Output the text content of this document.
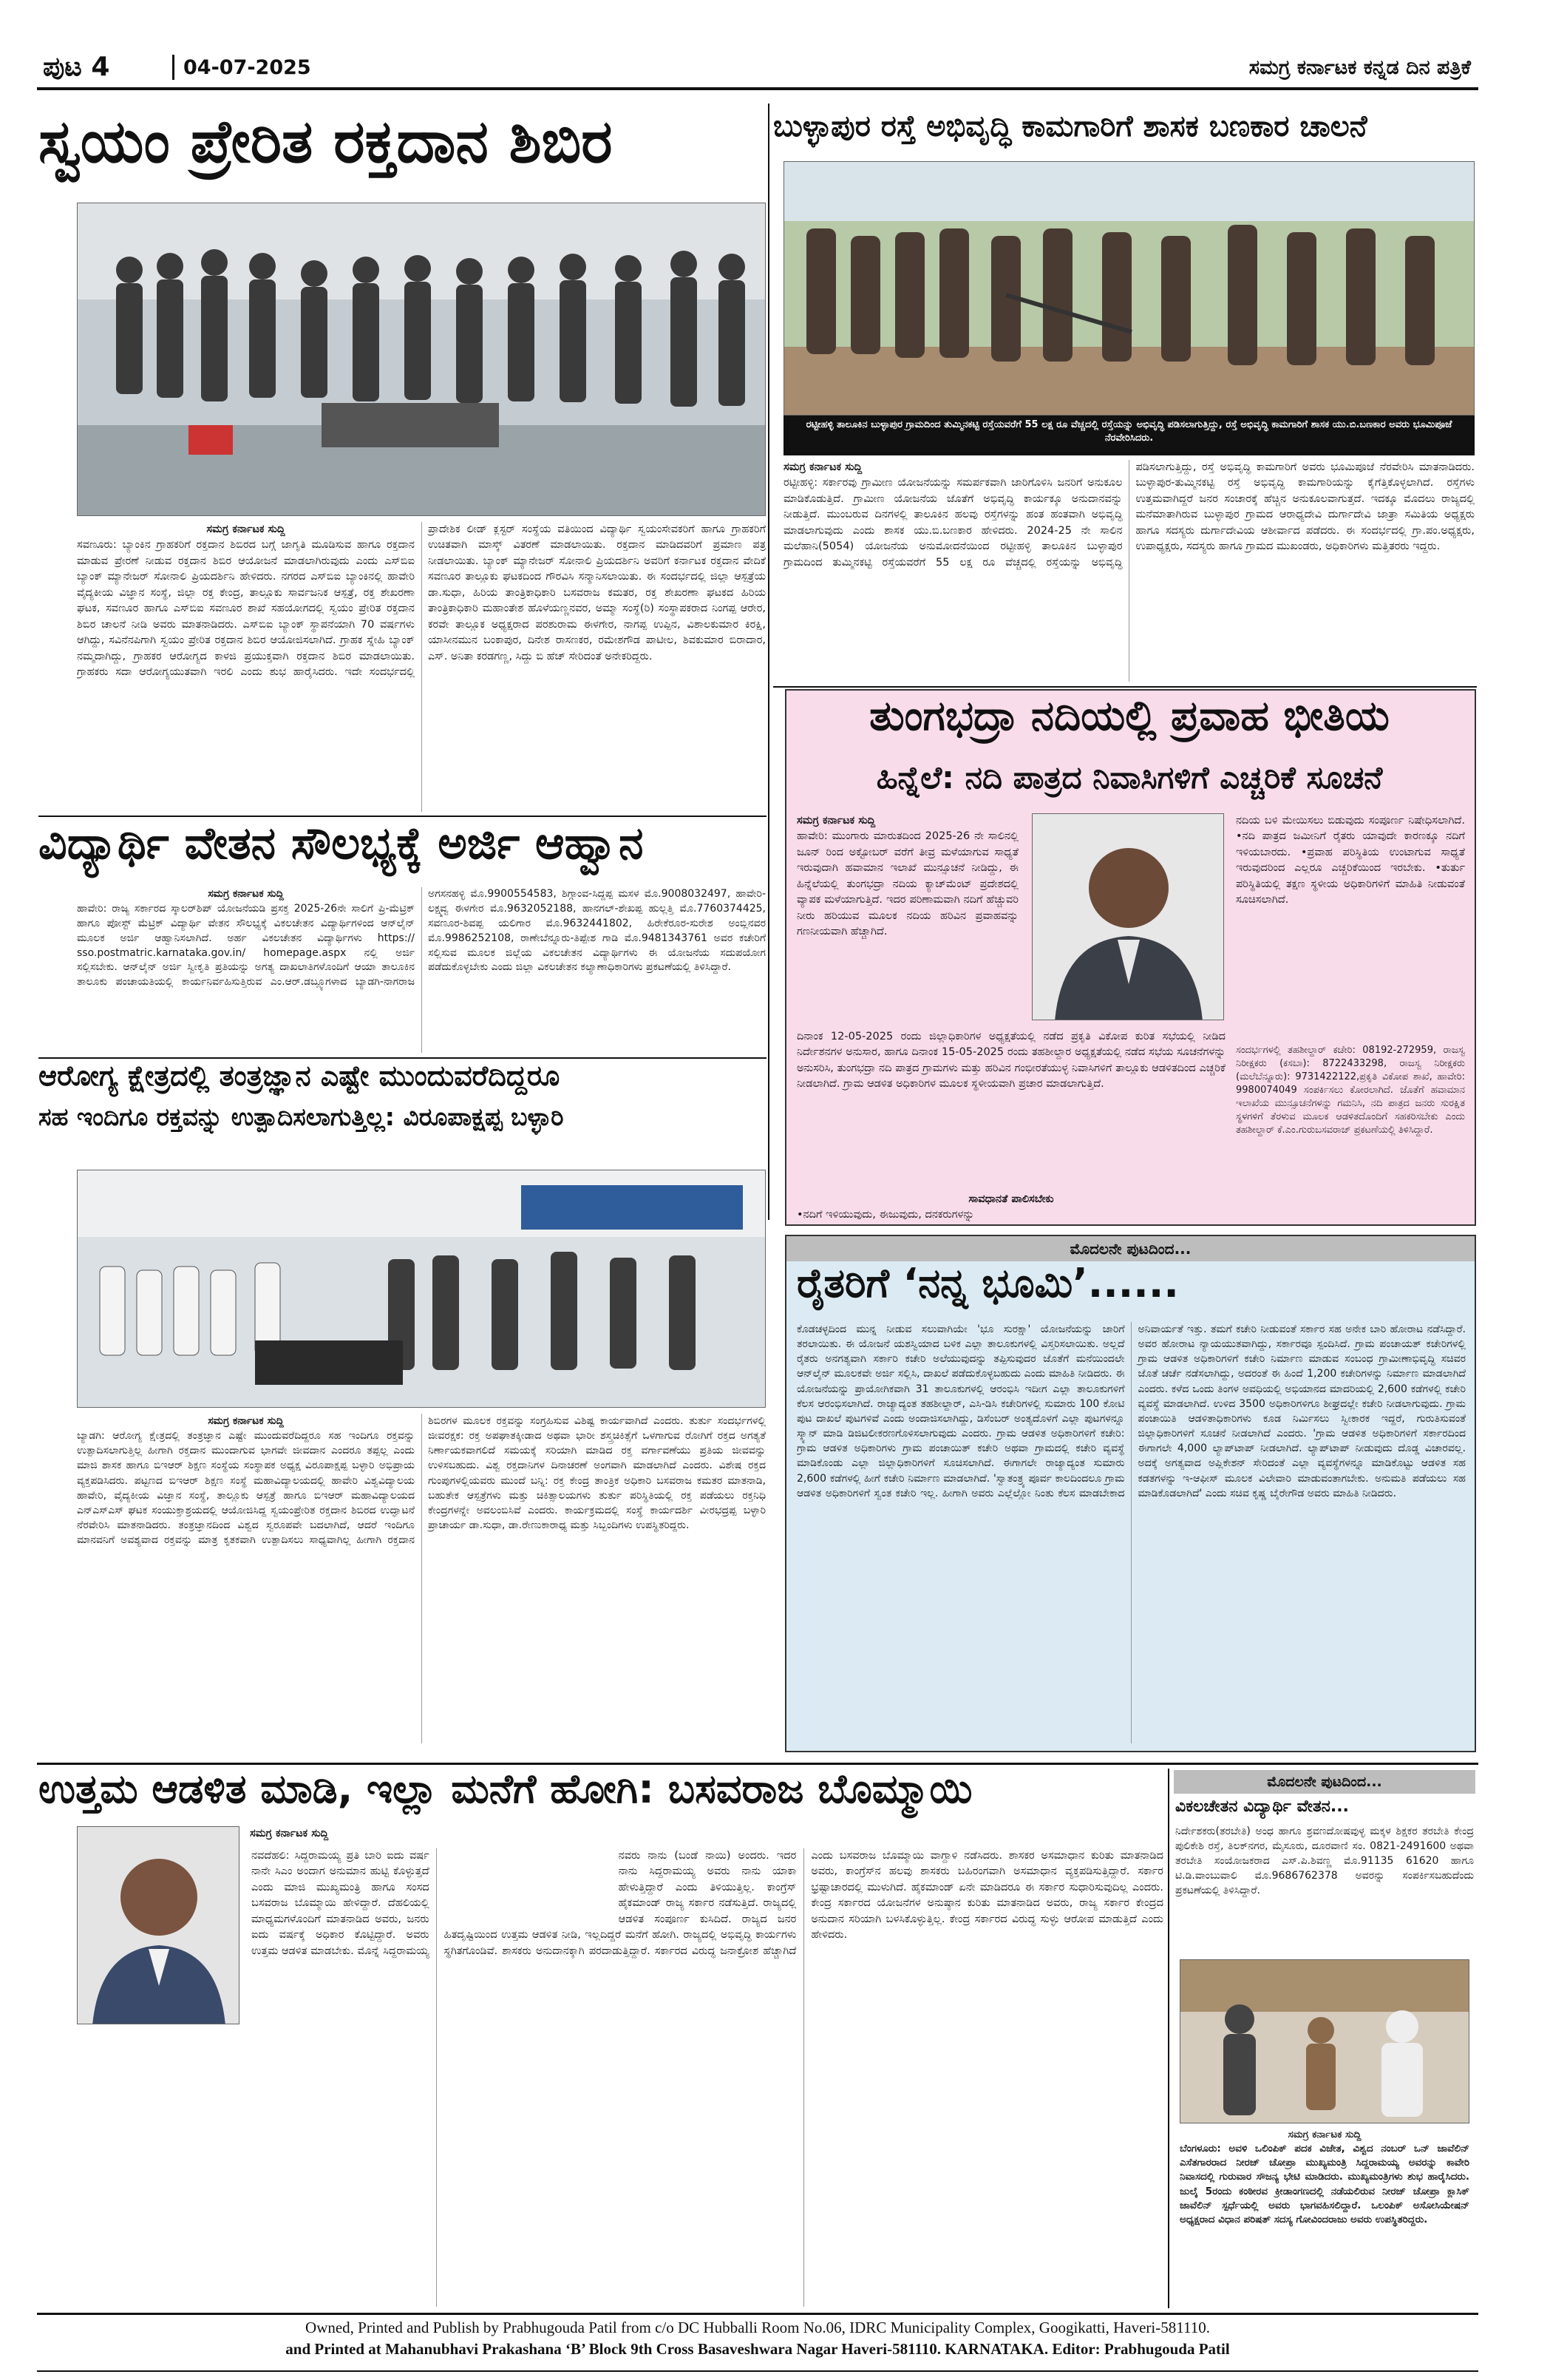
ಪುಟ 4	04-07-2025	ಸಮಗ್ರ ಕರ್ನಾಟಕ ಕನ್ನಡ ದಿನ ಪತ್ರಿಕೆ
ಸ್ವಯಂ ಪ್ರೇರಿತ ರಕ್ತದಾನ ಶಿಬಿರ
ಸಮಗ್ರ ಕರ್ನಾಟಕ ಸುದ್ದಿ
ಸವಣೂರು: ಬ್ಯಾಂಕಿನ ಗ್ರಾಹಕರಿಗೆ ರಕ್ತದಾನ ಶಿಬಿರದ ಬಗ್ಗೆ ಜಾಗೃತಿ ಮೂಡಿಸುವ ಹಾಗೂ ರಕ್ತದಾನ ಮಾಡುವ ಪ್ರೇರಣೆ ನೀಡುವ ರಕ್ತದಾನ ಶಿಬಿರ ಆಯೋಜನೆ ಮಾಡಲಾಗಿರುವುದು ಎಂದು ಎಸ್‌ಬಿಐ ಬ್ಯಾಂಕ್ ಮ್ಯಾನೇಜರ್ ಸೋನಾಲಿ ಪ್ರಿಯದರ್ಶಿನಿ ಹೇಳಿದರು. ನಗರದ ಎಸ್‌ಬಿಐ ಬ್ಯಾಂಕಿನಲ್ಲಿ ಹಾವೇರಿ ವೈದ್ಯಕೀಯ ವಿಜ್ಞಾನ ಸಂಸ್ಥೆ, ಜಿಲ್ಲಾ ರಕ್ತ ಕೇಂದ್ರ, ತಾಲ್ಲೂಕು ಸಾರ್ವಜನಿಕ ಆಸ್ಪತ್ರೆ, ರಕ್ತ ಶೇಖರಣಾ ಘಟಕ, ಸವಣೂರ ಹಾಗೂ ಎಸ್‌ಬಿಐ ಸವಣೂರ ಶಾಖೆ ಸಹಯೋಗದಲ್ಲಿ ಸ್ವಯಂ ಪ್ರೇರಿತ ರಕ್ತದಾನ ಶಿಬಿರ ಚಾಲನೆ ನೀಡಿ ಅವರು ಮಾತನಾಡಿದರು. ಎಸ್‌ಬಿಐ ಬ್ಯಾಂಕ್ ಸ್ಥಾಪನೆಯಾಗಿ 70 ವರ್ಷಗಳು ಆಗಿದ್ದು, ಸವಿನೆನಪಿಗಾಗಿ ಸ್ವಯಂ ಪ್ರೇರಿತ ರಕ್ತದಾನ ಶಿಬಿರ ಆಯೋಜಿಸಲಾಗಿದೆ. ಗ್ರಾಹಕ ಸ್ನೇಹಿ ಬ್ಯಾಂಕ್ ನಮ್ಮದಾಗಿದ್ದು, ಗ್ರಾಹಕರ ಆರೋಗ್ಯದ ಕಾಳಜಿ ಪ್ರಯುಕ್ತವಾಗಿ ರಕ್ತದಾನ ಶಿಬಿರ ಮಾಡಲಾಯಿತು. ಗ್ರಾಹಕರು ಸದಾ ಆರೋಗ್ಯಯುತವಾಗಿ ಇರಲಿ ಎಂದು ಶುಭ ಹಾರೈಸಿದರು. ಇದೇ ಸಂದರ್ಭದಲ್ಲಿ ಪ್ರಾದೇಶಿಕ ಲೀಡ್ ಕ್ಲಸ್ಟರ್ ಸಂಸ್ಥೆಯ ವತಿಯಿಂದ ವಿದ್ಯಾರ್ಥಿ ಸ್ವಯಂಸೇವಕರಿಗೆ ಹಾಗೂ ಗ್ರಾಹಕರಿಗೆ ಉಚಿತವಾಗಿ ಮಾಸ್ಕ್ ವಿತರಣೆ ಮಾಡಲಾಯಿತು. ರಕ್ತದಾನ ಮಾಡಿದವರಿಗೆ ಪ್ರಮಾಣ ಪತ್ರ ನೀಡಲಾಯಿತು. ಬ್ಯಾಂಕ್ ಮ್ಯಾನೇಜರ್ ಸೋನಾಲಿ ಪ್ರಿಯದರ್ಶಿನಿ ಅವರಿಗೆ ಕರ್ನಾಟಕ ರಕ್ತದಾನ ವೇದಿಕೆ ಸವಣೂರ ತಾಲ್ಲೂಕು ಘಟಕದಿಂದ ಗೌರವಿಸಿ ಸನ್ಮಾನಿಸಲಾಯಿತು. ಈ ಸಂದರ್ಭದಲ್ಲಿ ಜಿಲ್ಲಾ ಆಸ್ಪತ್ರೆಯ ಡಾ.ಸುಧಾ, ಹಿರಿಯ ತಾಂತ್ರಿಕಾಧಿಕಾರಿ ಬಸವರಾಜ ಕಮತರ, ರಕ್ತ ಶೇಖರಣಾ ಘಟಕದ ಹಿರಿಯ ತಾಂತ್ರಿಕಾಧಿಕಾರಿ ಮಹಾಂತೇಶ ಹೊಳೆಯಣ್ಣನವರ, ಅಮ್ಮಾ ಸಂಸ್ಥೆ(ರಿ) ಸಂಸ್ಥಾಪಕರಾದ ನಿಂಗಪ್ಪ ಆರೇರ, ಕರವೇ ತಾಲ್ಲೂಕ ಅಧ್ಯಕ್ಷರಾದ ಪರಶುರಾಮ ಈಳಗೇರ, ನಾಗಪ್ಪ ಉಪ್ಪಿನ, ವಿಶಾಲಕುಮಾರ ಕಿರಕ್ಷಿ, ಯಾಸೀನಮುನ ಬಂಕಾಪುರ, ದಿನೇಶ ರಾಸಣಕರ, ರಮೇಶಗೌಡ ಪಾಟೀಲ, ಶಿವಕುಮಾರ ಬಿರಾದಾರ, ಎಸ್. ಅನಿತಾ ಕರಡಗಣ್ಣ, ಸಿದ್ದು ಬಿ ಹೆಚ್ ಸೇರಿದಂತೆ ಅನೇಕರಿದ್ದರು.
ಬುಳ್ಳಾಪುರ ರಸ್ತೆ ಅಭಿವೃದ್ಧಿ ಕಾಮಗಾರಿಗೆ ಶಾಸಕ ಬಣಕಾರ ಚಾಲನೆ
ರಟ್ಟೀಹಳ್ಳಿ ತಾಲೂಕಿನ ಬುಳ್ಳಾಪುರ ಗ್ರಾಮದಿಂದ ತುಮ್ಮಿನಕಟ್ಟಿ ರಸ್ತೆಯವರೆಗೆ 55 ಲಕ್ಷ ರೂ ವೆಚ್ಚದಲ್ಲಿ ರಸ್ತೆಯನ್ನು ಅಭಿವೃದ್ಧಿ ಪಡಿಸಲಾಗುತ್ತಿದ್ದು, ರಸ್ತೆ ಅಭಿವೃದ್ಧಿ ಕಾಮಗಾರಿಗೆ ಶಾಸಕ ಯು.ಬಿ.ಬಣಕಾರ ಅವರು ಭೂಮಿಪೂಜೆ ನೆರವೇರಿಸಿದರು.
ಸಮಗ್ರ ಕರ್ನಾಟಕ ಸುದ್ದಿ
ರಟ್ಟೀಹಳ್ಳಿ: ಸರ್ಕಾರವು ಗ್ರಾಮೀಣ ಯೋಜನೆಯನ್ನು ಸಮರ್ಪಕವಾಗಿ ಜಾರಿಗೊಳಿಸಿ ಜನರಿಗೆ ಅನುಕೂಲ ಮಾಡಿಕೊಡುತ್ತಿದೆ. ಗ್ರಾಮೀಣ ಯೋಜನೆಯ ಜೊತೆಗೆ ಅಭಿವೃದ್ಧಿ ಕಾರ್ಯಕ್ಕೂ ಅನುದಾನವನ್ನು ನೀಡುತ್ತಿದೆ. ಮುಂಬರುವ ದಿನಗಳಲ್ಲಿ ತಾಲೂಕಿನ ಹಲವು ರಸ್ತೆಗಳನ್ನು ಹಂತ ಹಂತವಾಗಿ ಅಭಿವೃದ್ಧಿ ಮಾಡಲಾಗುವುದು ಎಂದು ಶಾಸಕ ಯು.ಬಿ.ಬಣಕಾರ ಹೇಳಿದರು. 2024-25 ನೇ ಸಾಲಿನ ಮಲೆಹಾನಿ(5054) ಯೋಜನೆಯ ಅನುಮೋದನೆಯಿಂದ ರಟ್ಟೀಹಳ್ಳಿ ತಾಲೂಕಿನ ಬುಳ್ಳಾಪುರ ಗ್ರಾಮದಿಂದ ತುಮ್ಮಿನಕಟ್ಟಿ ರಸ್ತೆಯವರೆಗೆ 55 ಲಕ್ಷ ರೂ ವೆಚ್ಚದಲ್ಲಿ ರಸ್ತೆಯನ್ನು ಅಭಿವೃದ್ಧಿ ಪಡಿಸಲಾಗುತ್ತಿದ್ದು, ರಸ್ತೆ ಅಭಿವೃದ್ಧಿ ಕಾಮಗಾರಿಗೆ ಅವರು ಭೂಮಿಪೂಜೆ ನೆರವೇರಿಸಿ ಮಾತನಾಡಿದರು. ಬುಳ್ಳಾಪುರ-ತುಮ್ಮಿನಕಟ್ಟಿ ರಸ್ತೆ ಅಭಿವೃದ್ಧಿ ಕಾಮಗಾರಿಯನ್ನು ಕೈಗೆತ್ತಿಕೊಳ್ಳಲಾಗಿದೆ. ರಸ್ತೆಗಳು ಉತ್ತಮವಾಗಿದ್ದರೆ ಜನರ ಸಂಚಾರಕ್ಕೆ ಹೆಚ್ಚಿನ ಅನುಕೂಲವಾಗುತ್ತದೆ. ಇದಕ್ಕೂ ಮೊದಲು ರಾಜ್ಯದಲ್ಲಿ ಮನೆಮಾತಾಗಿರುವ ಬುಳ್ಳಾಪುರ ಗ್ರಾಮದ ಆರಾಧ್ಯದೇವಿ ದುರ್ಗಾದೇವಿ ಜಾತ್ರಾ ಸಮಿತಿಯ ಅಧ್ಯಕ್ಷರು ಹಾಗೂ ಸದಸ್ಯರು ದುರ್ಗಾದೇವಿಯ ಆಶೀರ್ವಾದ ಪಡೆದರು. ಈ ಸಂದರ್ಭದಲ್ಲಿ ಗ್ರಾ.ಪಂ.ಅಧ್ಯಕ್ಷರು, ಉಪಾಧ್ಯಕ್ಷರು, ಸದಸ್ಯರು ಹಾಗೂ ಗ್ರಾಮದ ಮುಖಂಡರು, ಅಧಿಕಾರಿಗಳು ಮತ್ತಿತರರು ಇದ್ದರು.
ತುಂಗಭದ್ರಾ ನದಿಯಲ್ಲಿ ಪ್ರವಾಹ ಭೀತಿಯ
ಹಿನ್ನೆಲೆ: ನದಿ ಪಾತ್ರದ ನಿವಾಸಿಗಳಿಗೆ ಎಚ್ಚರಿಕೆ ಸೂಚನೆ
ಸಮಗ್ರ ಕರ್ನಾಟಕ ಸುದ್ದಿ
ಹಾವೇರಿ: ಮುಂಗಾರು ಮಾರುತದಿಂದ 2025-26 ನೇ ಸಾಲಿನಲ್ಲಿ ಜೂನ್ ರಿಂದ ಅಕ್ಟೋಬರ್ ವರೆಗೆ ತೀವ್ರ ಮಳೆಯಾಗುವ ಸಾಧ್ಯತೆ ಇರುವುದಾಗಿ ಹವಾಮಾನ ಇಲಾಖೆ ಮುನ್ಸೂಚನೆ ನೀಡಿದ್ದು, ಈ ಹಿನ್ನೆಲೆಯಲ್ಲಿ ತುಂಗಭದ್ರಾ ನದಿಯ ಕ್ಯಾಚ್‌ಮೆಂಟ್ ಪ್ರದೇಶದಲ್ಲಿ ವ್ಯಾಪಕ ಮಳೆಯಾಗುತ್ತಿದೆ. ಇದರ ಪರಿಣಾಮವಾಗಿ ನದಿಗೆ ಹೆಚ್ಚುವರಿ ನೀರು ಹರಿಯುವ ಮೂಲಕ ನದಿಯ ಹರಿವಿನ ಪ್ರವಾಹವನ್ನು ಗಣನೀಯವಾಗಿ ಹೆಚ್ಚಾಗಿದೆ.
ನದಿಯ ಬಳಿ ಮೇಯಿಸಲು ಬಿಡುವುದು ಸಂಪೂರ್ಣ ನಿಷೇಧಿಸಲಾಗಿದೆ. •ನದಿ ಪಾತ್ರದ ಜಮೀನಿಗೆ ರೈತರು ಯಾವುದೇ ಕಾರಣಕ್ಕೂ ನದಿಗೆ ಇಳಿಯಬಾರದು. •ಪ್ರವಾಹ ಪರಿಸ್ಥಿತಿಯ ಉಂಟಾಗುವ ಸಾಧ್ಯತೆ ಇರುವುದರಿಂದ ಎಲ್ಲರೂ ಎಚ್ಚರಿಕೆಯಿಂದ ಇರಬೇಕು. •ತುರ್ತು ಪರಿಸ್ಥಿತಿಯಲ್ಲಿ ತಕ್ಷಣ ಸ್ಥಳೀಯ ಅಧಿಕಾರಿಗಳಿಗೆ ಮಾಹಿತಿ ನೀಡುವಂತೆ ಸೂಚಿಸಲಾಗಿದೆ.
ದಿನಾಂಕ 12-05-2025 ರಂದು ಜಿಲ್ಲಾಧಿಕಾರಿಗಳ ಅಧ್ಯಕ್ಷತೆಯಲ್ಲಿ ನಡೆದ ಪ್ರಕೃತಿ ವಿಕೋಪ ಕುರಿತ ಸಭೆಯಲ್ಲಿ ನೀಡಿದ ನಿರ್ದೇಶನಗಳ ಅನುಸಾರ, ಹಾಗೂ ದಿನಾಂಕ 15-05-2025 ರಂದು ತಹಶೀಲ್ದಾರ ಅಧ್ಯಕ್ಷತೆಯಲ್ಲಿ ನಡೆದ ಸಭೆಯ ಸೂಚನೆಗಳನ್ನು ಅನುಸರಿಸಿ, ತುಂಗಭದ್ರಾ ನದಿ ಪಾತ್ರದ ಗ್ರಾಮಗಳು ಮತ್ತು ಹರಿವಿನ ಗಂಭೀರತೆಯುಳ್ಳ ನಿವಾಸಿಗಳಿಗೆ ತಾಲ್ಲೂಕು ಆಡಳಿತದಿಂದ ಎಚ್ಚರಿಕೆ ನೀಡಲಾಗಿದೆ. ಗ್ರಾಮ ಆಡಳಿತ ಅಧಿಕಾರಿಗಳ ಮೂಲಕ ಸ್ಥಳೀಯವಾಗಿ ಪ್ರಚಾರ ಮಾಡಲಾಗುತ್ತಿದೆ.
ಸಾವಧಾನತೆ ಪಾಲಿಸಬೇಕು
•ನದಿಗೆ ಇಳಿಯುವುದು, ಈಜುವುದು, ದನಕರುಗಳನ್ನು
ಸಂದರ್ಭಗಳಲ್ಲಿ ತಹಶೀಲ್ದಾರ್ ಕಚೇರಿ: 08192-272959, ರಾಜಸ್ವ ನಿರೀಕ್ಷಕರು (ಕಸಬಾ): 8722433298, ರಾಜಸ್ವ ನಿರೀಕ್ಷಕರು (ಮಲೆಬೆನ್ನೂರು): 9731422122,ಪ್ರಕೃತಿ ವಿಕೋಪ ಶಾಖೆ, ಹಾವೇರಿ: 9980074049 ಸಂಪರ್ಕಿಸಲು ಕೋರಲಾಗಿದೆ. ಜೊತೆಗೆ ಹವಾಮಾನ ಇಲಾಖೆಯ ಮುನ್ಸೂಚನೆಗಳನ್ನು ಗಮನಿಸಿ, ನದಿ ಪಾತ್ರದ ಜನರು ಸುರಕ್ಷಿತ ಸ್ಥಳಗಳಿಗೆ ತೆರಳುವ ಮೂಲಕ ಆಡಳಿತದೊಂದಿಗೆ ಸಹಕರಿಸಬೇಕು ಎಂದು ತಹಶೀಲ್ದಾರ್ ಕೆ.ಎಂ.ಗುರುಬಸವರಾಜ್ ಪ್ರಕಟಣೆಯಲ್ಲಿ ತಿಳಿಸಿದ್ದಾರೆ.
ವಿದ್ಯಾರ್ಥಿ ವೇತನ ಸೌಲಭ್ಯಕ್ಕೆ ಅರ್ಜಿ ಆಹ್ವಾನ
ಸಮಗ್ರ ಕರ್ನಾಟಕ ಸುದ್ದಿ
ಹಾವೇರಿ: ರಾಜ್ಯ ಸರ್ಕಾರದ ಸ್ಕಾಲರ್‌ಶಿಪ್ ಯೋಜನೆಯಡಿ ಪ್ರಸಕ್ತ 2025-26ನೇ ಸಾಲಿಗೆ ಪ್ರಿ-ಮೆಟ್ರಿಕ್ ಹಾಗೂ ಪೋಸ್ಟ್ ಮೆಟ್ರಿಕ್ ವಿದ್ಯಾರ್ಥಿ ವೇತನ ಸೌಲಭ್ಯಕ್ಕೆ ವಿಕಲಚೇತನ ವಿದ್ಯಾರ್ಥಿಗಳಿಂದ ಆನ್‌ಲೈನ್ ಮೂಲಕ ಅರ್ಜಿ ಆಹ್ವಾನಿಸಲಾಗಿದೆ. ಅರ್ಹ ವಿಕಲಚೇತನ ವಿದ್ಯಾರ್ಥಿಗಳು https:// sso.postmatric.karnataka.gov.in/ homepage.aspx ನಲ್ಲಿ ಅರ್ಜಿ ಸಲ್ಲಿಸಬೇಕು. ಆನ್‌ಲೈನ್ ಅರ್ಜಿ ಸ್ವೀಕೃತಿ ಪ್ರತಿಯನ್ನು ಅಗತ್ಯ ದಾಖಲಾತಿಗಳೊಂದಿಗೆ ಆಯಾ ತಾಲೂಕಿನ ತಾಲೂಕು ಪಂಚಾಯತಿಯಲ್ಲಿ ಕಾರ್ಯನಿರ್ವಹಿಸುತ್ತಿರುವ ಎಂ.ಆರ್.ಡಬ್ಲ್ಯೂಗಳಾದ ಬ್ಯಾಡಗಿ-ನಾಗರಾಜ ಅಗಸನಹಳ್ಳಿ ಮೊ.9900554583, ಶಿಗ್ಗಾಂವ-ಸಿದ್ದಪ್ಪ ಮಸಳ ಮೊ.9008032497, ಹಾವೇರಿ- ಲಕ್ಷ್ಮವ್ವ ಈಳಗೇರ ಮೊ.9632052188, ಹಾನಗಲ್-ಶೇಖಪ್ಪ ಹುಲ್ಲತ್ತಿ ಮೊ.7760374425, ಸವಣೂರ-ಶಿವಪ್ಪ ಯಲಿಗಾರ ಮೊ.9632441802, ಹಿರೇಕೆರೂರ-ಸುರೇಶ ಅಂಬ್ಲಿನವರ ಮೊ.9986252108, ರಾಣೇಬೆನ್ನೂರು-ತಿಪ್ಪೇಶ ಗಾಡಿ ಮೊ.9481343761 ಅವರ ಕಚೇರಿಗೆ ಸಲ್ಲಿಸುವ ಮೂಲಕ ಜಿಲ್ಲೆಯ ವಿಕಲಚೇತನ ವಿದ್ಯಾರ್ಥಿಗಳು ಈ ಯೋಜನೆಯ ಸದುಪಯೋಗ ಪಡೆದುಕೊಳ್ಳಬೇಕು ಎಂದು ಜಿಲ್ಲಾ ವಿಕಲಚೇತನ ಕಲ್ಯಾಣಾಧಿಕಾರಿಗಳು ಪ್ರಕಟಣೆಯಲ್ಲಿ ತಿಳಿಸಿದ್ದಾರೆ.
ಆರೋಗ್ಯ ಕ್ಷೇತ್ರದಲ್ಲಿ ತಂತ್ರಜ್ಞಾನ ಎಷ್ಟೇ ಮುಂದುವರೆದಿದ್ದರೂ
ಸಹ ಇಂದಿಗೂ ರಕ್ತವನ್ನು ಉತ್ಪಾದಿಸಲಾಗುತ್ತಿಲ್ಲ: ವಿರೂಪಾಕ್ಷಪ್ಪ ಬಳ್ಳಾರಿ
ಸಮಗ್ರ ಕರ್ನಾಟಕ ಸುದ್ದಿ
ಬ್ಯಾಡಗಿ: ಆರೋಗ್ಯ ಕ್ಷೇತ್ರದಲ್ಲಿ ತಂತ್ರಜ್ಞಾನ ಎಷ್ಟೇ ಮುಂದುವರೆದಿದ್ದರೂ ಸಹ ಇಂದಿಗೂ ರಕ್ತವನ್ನು ಉತ್ಪಾದಿಸಲಾಗುತ್ತಿಲ್ಲ ಹೀಗಾಗಿ ರಕ್ತದಾನ ಮುಂದಾಗುವ ಭಾಗವೇ ಜೀವದಾನ ಎಂದರೂ ತಪ್ಪಲ್ಲ ಎಂದು ಮಾಜಿ ಶಾಸಕ ಹಾಗೂ ಬಿಇಆರ್ ಶಿಕ್ಷಣ ಸಂಸ್ಥೆಯ ಸಂಸ್ಥಾಪಕ ಅಧ್ಯಕ್ಷ ವಿರೂಪಾಕ್ಷಪ್ಪ ಬಳ್ಳಾರಿ ಅಭಿಪ್ರಾಯ ವ್ಯಕ್ತಪಡಿಸಿದರು. ಪಟ್ಟಣದ ಬಿಇಆರ್ ಶಿಕ್ಷಣ ಸಂಸ್ಥೆ ಮಹಾವಿದ್ಯಾಲಯದಲ್ಲಿ ಹಾವೇರಿ ವಿಶ್ವವಿದ್ಯಾಲಯ ಹಾವೇರಿ, ವೈದ್ಯಕೀಯ ವಿಜ್ಞಾನ ಸಂಸ್ಥೆ, ತಾಲ್ಲೂಕು ಆಸ್ಪತ್ರೆ ಹಾಗೂ ಬಿಇಆರ್ ಮಹಾವಿದ್ಯಾಲಯದ ಎನ್‌ಎಸ್‌ಎಸ್ ಘಟಕ ಸಂಯುಕ್ತಾಶ್ರಯದಲ್ಲಿ ಆಯೋಜಿಸಿದ್ದ ಸ್ವಯಂಪ್ರೇರಿತ ರಕ್ತದಾನ ಶಿಬಿರದ ಉದ್ಘಾಟನೆ ನೆರವೇರಿಸಿ ಮಾತನಾಡಿದರು. ತಂತ್ರಜ್ಞಾನದಿಂದ ವಿಶ್ವದ ಸ್ವರೂಪವೇ ಬದಲಾಗಿದೆ, ಆದರೆ ಇಂದಿಗೂ ಮಾನವನಿಗೆ ಅವಶ್ಯವಾದ ರಕ್ತವನ್ನು ಮಾತ್ರ ಕೃತಕವಾಗಿ ಉತ್ಪಾದಿಸಲು ಸಾಧ್ಯವಾಗಿಲ್ಲ ಹೀಗಾಗಿ ರಕ್ತದಾನ ಶಿಬಿರಗಳ ಮೂಲಕ ರಕ್ತವನ್ನು ಸಂಗ್ರಹಿಸುವ ವಿಶಿಷ್ಟ ಕಾರ್ಯವಾಗಿದೆ ಎಂದರು. ತುರ್ತು ಸಂದರ್ಭಗಳಲ್ಲಿ ಜೀವರಕ್ಷಕ: ರಕ್ತ ಅಪಘಾತಕ್ಕೀಡಾದ ಅಥವಾ ಭಾರೀ ಶಸ್ತ್ರಚಿಕಿತ್ಸೆಗೆ ಒಳಗಾಗುವ ರೋಗಿಗೆ ರಕ್ತದ ಅಗತ್ಯತೆ ನಿರ್ಣಾಯಕವಾಗಲಿದೆ ಸಮಯಕ್ಕೆ ಸರಿಯಾಗಿ ಮಾಡಿದ ರಕ್ತ ವರ್ಗಾವಣೆಯು ಪ್ರತಿಯ ಜೀವವನ್ನು ಉಳಿಸಬಹುದು. ವಿಶ್ವ ರಕ್ತದಾನಿಗಳ ದಿನಾಚರಣೆ ಅಂಗವಾಗಿ ಮಾಡಲಾಗಿದೆ ಎಂದರು. ವಿಶೇಷ ರಕ್ತದ ಗುಂಪುಗಳಲ್ಲಿಯವರು ಮುಂದೆ ಬನ್ನಿ: ರಕ್ತ ಕೇಂದ್ರ ತಾಂತ್ರಿಕ ಅಧಿಕಾರಿ ಬಸವರಾಜ ಕಮತರ ಮಾತನಾಡಿ, ಬಹುತೇಕ ಆಸ್ಪತ್ರೆಗಳು ಮತ್ತು ಚಿಕಿತ್ಸಾಲಯಗಳು ತುರ್ತು ಪರಿಸ್ಥಿತಿಯಲ್ಲಿ ರಕ್ತ ಪಡೆಯಲು ರಕ್ತನಿಧಿ ಕೇಂದ್ರಗಳನ್ನೇ ಅವಲಂಬಿಸಿವೆ ಎಂದರು. ಕಾರ್ಯಕ್ರಮದಲ್ಲಿ ಸಂಸ್ಥೆ ಕಾರ್ಯದರ್ಶಿ ವೀರಭದ್ರಪ್ಪ ಬಳ್ಳಾರಿ ಪ್ರಾಚಾರ್ಯ ಡಾ.ಸುಧಾ, ಡಾ.ರೇಣುಕಾರಾಧ್ಯ ಮತ್ತು ಸಿಬ್ಬಂದಿಗಳು ಉಪಸ್ಥಿತರಿದ್ದರು.
ಮೊದಲನೇ ಪುಟದಿಂದ...
ರೈತರಿಗೆ ‘ನನ್ನ ಭೂಮಿ’......
ಕೊಡಚಳ್ಳದಿಂದ ಮುನ್ನ ನೀಡುವ ಸಲುವಾಗಿಯೇ 'ಭೂ ಸುರಕ್ಷಾ' ಯೋಜನೆಯನ್ನು ಜಾರಿಗೆ ತರಲಾಯಿತು. ಈ ಯೋಜನೆ ಯಶಸ್ವಿಯಾದ ಬಳಿಕ ಎಲ್ಲಾ ತಾಲೂಕುಗಳಲ್ಲಿ ವಿಸ್ತರಿಸಲಾಯಿತು. ಅಲ್ಲದೆ ರೈತರು ಅನಗತ್ಯವಾಗಿ ಸರ್ಕಾರಿ ಕಚೇರಿ ಅಲೆಯುವುದನ್ನು ತಪ್ಪಿಸುವುದರ ಜೊತೆಗೆ ಮನೆಯಿಂದಲೇ ಆನ್‌ಲೈನ್ ಮೂಲಕವೇ ಅರ್ಜಿ ಸಲ್ಲಿಸಿ, ದಾಖಲೆ ಪಡೆದುಕೊಳ್ಳಬಹುದು ಎಂದು ಮಾಹಿತಿ ನೀಡಿದರು. ಈ ಯೋಜನೆಯನ್ನು ಪ್ರಾಯೋಗಿಕವಾಗಿ 31 ತಾಲೂಕುಗಳಲ್ಲಿ ಆರಂಭಿಸಿ ಇದೀಗ ಎಲ್ಲಾ ತಾಲೂಕುಗಳಿಗೆ ಕೆಲಸ ಆರಂಭಿಸಲಾಗಿದೆ. ರಾಜ್ಯಾದ್ಯಂತ ತಹಶೀಲ್ದಾರ್, ಎಸಿ-ಡಿಸಿ ಕಚೇರಿಗಳಲ್ಲಿ ಸುಮಾರು 100 ಕೋಟಿ ಪುಟ ದಾಖಲೆ ಪುಟಗಳಿವೆ ಎಂದು ಅಂದಾಜಿಸಲಾಗಿದ್ದು, ಡಿಸೆಂಬರ್ ಅಂತ್ಯದೊಳಗೆ ಎಲ್ಲಾ ಪುಟಗಳನ್ನೂ ಸ್ಕ್ಯಾನ್ ಮಾಡಿ ಡಿಜಿಟಲೀಕರಣಗೊಳಿಸಲಾಗುವುದು ಎಂದರು. ಗ್ರಾಮ ಆಡಳಿತ ಅಧಿಕಾರಿಗಳಿಗೆ ಕಚೇರಿ: ಗ್ರಾಮ ಆಡಳಿತ ಅಧಿಕಾರಿಗಳು ಗ್ರಾಮ ಪಂಚಾಯಿತ್ ಕಚೇರಿ ಅಥವಾ ಗ್ರಾಮದಲ್ಲಿ ಕಚೇರಿ ವ್ಯವಸ್ಥೆ ಮಾಡಿಕೊಂಡು ಎಲ್ಲಾ ಜಿಲ್ಲಾಧಿಕಾರಿಗಳಿಗೆ ಸೂಚಿಸಲಾಗಿದೆ. ಈಗಾಗಲೇ ರಾಜ್ಯಾದ್ಯಂತ ಸುಮಾರು 2,600 ಕಡೆಗಳಲ್ಲಿ ಹೀಗೆ ಕಚೇರಿ ನಿರ್ಮಾಣ ಮಾಡಲಾಗಿದೆ. 'ಸ್ವಾತಂತ್ರ್ಯ ಪೂರ್ವ ಕಾಲದಿಂದಲೂ ಗ್ರಾಮ ಆಡಳಿತ ಅಧಿಕಾರಿಗಳಿಗೆ ಸ್ವಂತ ಕಚೇರಿ ಇಲ್ಲ. ಹೀಗಾಗಿ ಅವರು ಎಲ್ಲೆಲ್ಲೋ ನಿಂತು ಕೆಲಸ ಮಾಡಬೇಕಾದ ಅನಿವಾರ್ಯತೆ ಇತ್ತು. ತಮಗೆ ಕಚೇರಿ ನೀಡುವಂತೆ ಸರ್ಕಾರ ಸಹ ಅನೇಕ ಬಾರಿ ಹೋರಾಟ ನಡೆಸಿದ್ದಾರೆ. ಅವರ ಹೋರಾಟ ನ್ಯಾಯಯುತವಾಗಿದ್ದು, ಸರ್ಕಾರವೂ ಸ್ಪಂದಿಸಿದೆ. ಗ್ರಾಮ ಪಂಚಾಯತ್ ಕಚೇರಿಗಳಲ್ಲಿ ಗ್ರಾಮ ಆಡಳಿತ ಅಧಿಕಾರಿಗಳಿಗೆ ಕಚೇರಿ ನಿರ್ಮಾಣ ಮಾಡುವ ಸಂಬಂಧ ಗ್ರಾಮೀಣಾಭಿವೃದ್ಧಿ ಸಚಿವರ ಜೊತೆ ಚರ್ಚೆ ನಡೆಸಲಾಗಿದ್ದು, ಅದರಂತೆ ಈ ಹಿಂದೆ 1,200 ಕಚೇರಿಗಳನ್ನು ನಿರ್ಮಾಣ ಮಾಡಲಾಗಿದೆ ಎಂದರು. ಕಳೆದ ಒಂದು ತಿಂಗಳ ಅವಧಿಯಲ್ಲಿ ಅಭಿಯಾನದ ಮಾದರಿಯಲ್ಲಿ 2,600 ಕಡೆಗಳಲ್ಲಿ ಕಚೇರಿ ವ್ಯವಸ್ಥೆ ಮಾಡಲಾಗಿದೆ. ಉಳಿದ 3500 ಅಧಿಕಾರಿಗಳಿಗೂ ಶೀಘ್ರದಲ್ಲೇ ಕಚೇರಿ ನೀಡಲಾಗುವುದು. ಗ್ರಾಮ ಪಂಚಾಯಿತಿ ಆಡಳಿತಾಧಿಕಾರಿಗಳು ಕೂಡ ನಿರ್ಮಿಸಲು ಸ್ವೀಕಾರಕ ಇದ್ದರೆ, ಗುರುತಿಸುವಂತೆ ಜಿಲ್ಲಾಧಿಕಾರಿಗಳಿಗೆ ಸೂಚನೆ ನೀಡಲಾಗಿದೆ ಎಂದರು. 'ಗ್ರಾಮ ಆಡಳಿತ ಅಧಿಕಾರಿಗಳಿಗೆ ಸರ್ಕಾರದಿಂದ ಈಗಾಗಲೇ 4,000 ಲ್ಯಾಪ್‌ಟಾಪ್ ನೀಡಲಾಗಿದೆ. ಲ್ಯಾಪ್‌ಟಾಪ್ ನೀಡುವುದು ದೊಡ್ಡ ವಿಚಾರವಲ್ಲ. ಅದಕ್ಕೆ ಅಗತ್ಯವಾದ ಅಪ್ಲಿಕೇಶನ್ ಸೇರಿದಂತೆ ಎಲ್ಲಾ ವ್ಯವಸ್ಥೆಗಳನ್ನೂ ಮಾಡಿಕೊಟ್ಟು ಆಡಳಿತ ಸಹ ಕಡತಗಳನ್ನು ಇ-ಆಫೀಸ್ ಮೂಲಕ ವಿಲೇವಾರಿ ಮಾಡುವಂತಾಗಬೇಕು. ಅನುಮತಿ ಪಡೆಯಲು ಸಹ ಮಾಡಿಕೊಡಲಾಗಿದೆ' ಎಂದು ಸಚಿವ ಕೃಷ್ಣ ಬೈರೇಗೌಡ ಅವರು ಮಾಹಿತಿ ನೀಡಿದರು.
ಉತ್ತಮ ಆಡಳಿತ ಮಾಡಿ, ಇಲ್ಲಾ ಮನೆಗೆ ಹೋಗಿ: ಬಸವರಾಜ ಬೊಮ್ಮಾಯಿ
ಸಮಗ್ರ ಕರ್ನಾಟಕ ಸುದ್ದಿ
ನವದೆಹಲಿ: ಸಿದ್ದರಾಮಯ್ಯ ಪ್ರತಿ ಬಾರಿ ಐದು ವರ್ಷ ನಾನೇ ಸಿಎಂ ಅಂದಾಗ ಅನುಮಾನ ಹುಟ್ಟಿ ಕೊಳ್ಳುತ್ತದೆ ಎಂದು ಮಾಜಿ ಮುಖ್ಯಮಂತ್ರಿ ಹಾಗೂ ಸಂಸದ ಬಸವರಾಜ ಬೊಮ್ಮಾಯಿ ಹೇಳಿದ್ದಾರೆ. ದೆಹಲಿಯಲ್ಲಿ ಮಾಧ್ಯಮಗಳೊಂದಿಗೆ ಮಾತನಾಡಿದ ಅವರು, ಜನರು ಐದು ವರ್ಷಕ್ಕೆ ಅಧಿಕಾರ ಕೊಟ್ಟಿದ್ದಾರೆ. ಅವರು ಉತ್ತಮ ಆಡಳಿತ ಮಾಡಬೇಕು. ಮೊನ್ನೆ ಸಿದ್ದರಾಮಯ್ಯ ನವರು ನಾನು (ಬಂಡೆ ನಾಯಿ) ಅಂದರು. ಇದರ ನಾನು ಸಿದ್ದರಾಮಯ್ಯ ಅವರು ನಾನು ಯಾಕಾ ಹೇಳುತ್ತಿದ್ದಾರೆ ಎಂದು ತಿಳಿಯುತ್ತಿಲ್ಲ. ಕಾಂಗ್ರೆಸ್ ಹೈಕಮಾಂಡ್ ರಾಜ್ಯ ಸರ್ಕಾರ ನಡೆಸುತ್ತಿದೆ. ರಾಜ್ಯದಲ್ಲಿ ಆಡಳಿತ ಸಂಪೂರ್ಣ ಕುಸಿದಿದೆ. ರಾಜ್ಯದ ಜನರ ಹಿತದೃಷ್ಟಿಯಿಂದ ಉತ್ತಮ ಆಡಳಿತ ನೀಡಿ, ಇಲ್ಲದಿದ್ದರೆ ಮನೆಗೆ ಹೋಗಿ. ರಾಜ್ಯದಲ್ಲಿ ಅಭಿವೃದ್ಧಿ ಕಾರ್ಯಗಳು ಸ್ಥಗಿತಗೊಂಡಿವೆ. ಶಾಸಕರು ಅನುದಾನಕ್ಕಾಗಿ ಪರದಾಡುತ್ತಿದ್ದಾರೆ. ಸರ್ಕಾರದ ವಿರುದ್ಧ ಜನಾಕ್ರೋಶ ಹೆಚ್ಚಾಗಿದೆ ಎಂದು ಬಸವರಾಜ ಬೊಮ್ಮಾಯಿ ವಾಗ್ದಾಳಿ ನಡೆಸಿದರು. ಶಾಸಕರ ಅಸಮಾಧಾನ ಕುರಿತು ಮಾತನಾಡಿದ ಅವರು, ಕಾಂಗ್ರೆಸ್‌ನ ಹಲವು ಶಾಸಕರು ಬಹಿರಂಗವಾಗಿ ಅಸಮಾಧಾನ ವ್ಯಕ್ತಪಡಿಸುತ್ತಿದ್ದಾರೆ. ಸರ್ಕಾರ ಭ್ರಷ್ಟಾಚಾರದಲ್ಲಿ ಮುಳುಗಿದೆ. ಹೈಕಮಾಂಡ್ ಏನೇ ಮಾಡಿದರೂ ಈ ಸರ್ಕಾರ ಸುಧಾರಿಸುವುದಿಲ್ಲ ಎಂದರು. ಕೇಂದ್ರ ಸರ್ಕಾರದ ಯೋಜನೆಗಳ ಅನುಷ್ಠಾನ ಕುರಿತು ಮಾತನಾಡಿದ ಅವರು, ರಾಜ್ಯ ಸರ್ಕಾರ ಕೇಂದ್ರದ ಅನುದಾನ ಸರಿಯಾಗಿ ಬಳಸಿಕೊಳ್ಳುತ್ತಿಲ್ಲ. ಕೇಂದ್ರ ಸರ್ಕಾರದ ವಿರುದ್ಧ ಸುಳ್ಳು ಆರೋಪ ಮಾಡುತ್ತಿದೆ ಎಂದು ಹೇಳಿದರು.
ಮೊದಲನೇ ಪುಟದಿಂದ...
ವಿಕಲಚೇತನ ವಿದ್ಯಾರ್ಥಿ ವೇತನ...
ನಿರ್ದೇಶಕರು(ತರಬೇತಿ) ಅಂಧ ಹಾಗೂ ಶ್ರವಣದೋಷವುಳ್ಳ ಮಕ್ಕಳ ಶಿಕ್ಷಕರ ತರಬೇತಿ ಕೇಂದ್ರ ಪುಲಿಕೇಶಿ ರಸ್ತೆ, ತಿಲಕ್‌ನಗರ, ಮೈಸೂರು, ದೂರವಾಣಿ ಸಂ. 0821-2491600 ಅಥವಾ ತರಬೇತಿ ಸಂಯೋಜಕರಾದ ಎಸ್.ಪಿ.ಶಿವಣ್ಣ ಮೊ.91135 61620 ಹಾಗೂ ಟಿ.ಡಿ.ವಾಂಬುವಾಲಿ ಮೊ.9686762378 ಅವರನ್ನು ಸಂಪರ್ಕಿಸಬಹುದೆಂದು ಪ್ರಕಟಣೆಯಲ್ಲಿ ತಿಳಿಸಿದ್ದಾರೆ.
ಸಮಗ್ರ ಕರ್ನಾಟಕ ಸುದ್ದಿ
ಬೆಂಗಳೂರು: ಅವಳಿ ಒಲಿಂಪಿಕ್ ಪದಕ ವಿಜೇತ, ವಿಶ್ವದ ನಂಬರ್ ಒನ್ ಜಾವೆಲಿನ್ ಎಸೆತಗಾರರಾದ ನೀರಜ್ ಚೋಪ್ರಾ ಮುಖ್ಯಮಂತ್ರಿ ಸಿದ್ದರಾಮಯ್ಯ ಅವರನ್ನು ಕಾವೇರಿ ನಿವಾಸದಲ್ಲಿ ಗುರುವಾರ ಸೌಜನ್ಯ ಭೇಟಿ ಮಾಡಿದರು. ಮುಖ್ಯಮಂತ್ರಿಗಳು ಶುಭ ಹಾರೈಸಿದರು. ಜುಲೈ 5ರಂದು ಕಂಠೀರವ ಕ್ರೀಡಾಂಗಣದಲ್ಲಿ ನಡೆಯಲಿರುವ ನೀರಜ್ ಚೋಪ್ರಾ ಕ್ಲಾಸಿಕ್ ಜಾವೆಲಿನ್ ಸ್ಪರ್ಧೆಯಲ್ಲಿ ಅವರು ಭಾಗವಹಿಸಲಿದ್ದಾರೆ. ಒಲಂಪಿಕ್ ಅಸೋಸಿಯೇಷನ್ ಅಧ್ಯಕ್ಷರಾದ ವಿಧಾನ ಪರಿಷತ್ ಸದಸ್ಯ ಗೋವಿಂದರಾಜು ಅವರು ಉಪಸ್ಥಿತರಿದ್ದರು.
Owned, Printed and Publish by Prabhugouda Patil from c/o DC Hubballi Room No.06, IDRC Municipality Complex, Googikatti, Haveri-581110.
and Printed at Mahanubhavi Prakashana ‘B’ Block 9th Cross Basaveshwara Nagar Haveri-581110. KARNATAKA. Editor: Prabhugouda Patil
